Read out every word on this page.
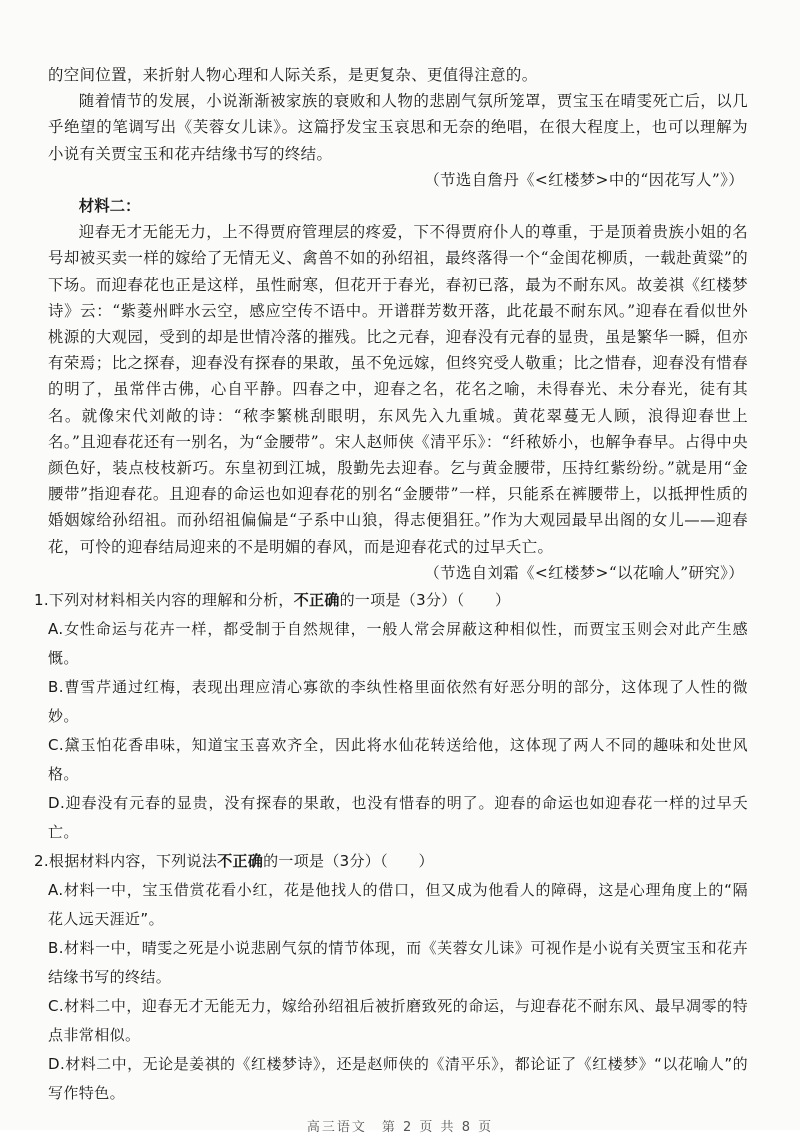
的空间位置，来折射人物心理和人际关系，是更复杂、更值得注意的。

随着情节的发展，小说渐渐被家族的衰败和人物的悲剧气氛所笼罩，贾宝玉在晴雯死亡后，以几乎绝望的笔调写出《芙蓉女儿诔》。这篇抒发宝玉哀思和无奈的绝唱，在很大程度上，也可以理解为小说有关贾宝玉和花卉结缘书写的终结。

（节选自詹丹《<红楼梦>中的“因花写人”》）

材料二：

迎春无才无能无力，上不得贾府管理层的疼爱，下不得贾府仆人的尊重，于是顶着贵族小姐的名号却被买卖一样的嫁给了无情无义、禽兽不如的孙绍祖，最终落得一个“金闺花柳质，一载赴黄粱”的下场。而迎春花也正是这样，虽性耐寒，但花开于春光，春初已落，最为不耐东风。故姜祺《红楼梦诗》云：“紫菱州畔水云空，感应空传不语中。开谱群芳数开落，此花最不耐东风。”迎春在看似世外桃源的大观园，受到的却是世情冷落的摧残。比之元春，迎春没有元春的显贵，虽是繁华一瞬，但亦有荣焉；比之探春，迎春没有探春的果敢，虽不免远嫁，但终究受人敬重；比之惜春，迎春没有惜春的明了，虽常伴古佛，心自平静。四春之中，迎春之名，花名之喻，未得春光、未分春光，徒有其名。就像宋代刘敞的诗：“秾李繁桃刮眼明，东风先入九重城。黄花翠蔓无人顾，浪得迎春世上名。”且迎春花还有一别名，为“金腰带”。宋人赵师侠《清平乐》：“纤秾娇小，也解争春早。占得中央颜色好，装点枝枝新巧。东皇初到江城，殷勤先去迎春。乞与黄金腰带，压持红紫纷纷。”就是用“金腰带”指迎春花。且迎春的命运也如迎春花的别名“金腰带”一样，只能系在裤腰带上，以抵押性质的婚姻嫁给孙绍祖。而孙绍祖偏偏是“子系中山狼，得志便猖狂。”作为大观园最早出阁的女儿——迎春花，可怜的迎春结局迎来的不是明媚的春风，而是迎春花式的过早夭亡。

（节选自刘霜《<红楼梦>“以花喻人”研究》）

1.下列对材料相关内容的理解和分析，不正确的一项是（3分）（　　）

A.女性命运与花卉一样，都受制于自然规律，一般人常会屏蔽这种相似性，而贾宝玉则会对此产生感慨。

B.曹雪芹通过红梅，表现出理应清心寡欲的李纨性格里面依然有好恶分明的部分，这体现了人性的微妙。

C.黛玉怕花香串味，知道宝玉喜欢齐全，因此将水仙花转送给他，这体现了两人不同的趣味和处世风格。

D.迎春没有元春的显贵，没有探春的果敢，也没有惜春的明了。迎春的命运也如迎春花一样的过早夭亡。

2.根据材料内容，下列说法不正确的一项是（3分）（　　）

A.材料一中，宝玉借赏花看小红，花是他找人的借口，但又成为他看人的障碍，这是心理角度上的“隔花人远天涯近”。

B.材料一中，晴雯之死是小说悲剧气氛的情节体现，而《芙蓉女儿诔》可视作是小说有关贾宝玉和花卉结缘书写的终结。

C.材料二中，迎春无才无能无力，嫁给孙绍祖后被折磨致死的命运，与迎春花不耐东风、最早凋零的特点非常相似。

D.材料二中，无论是姜祺的《红楼梦诗》，还是赵师侠的《清平乐》，都论证了《红楼梦》“以花喻人”的写作特色。

高三语文　第 2 页 共 8 页
